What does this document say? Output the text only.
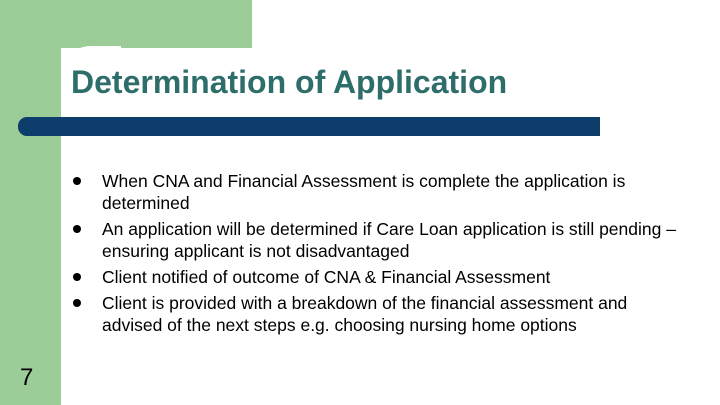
Determination of Application
When CNA and Financial Assessment is complete the application is determined
An application will be determined if Care Loan application is still pending – ensuring applicant is not disadvantaged
Client notified of outcome of CNA & Financial Assessment
Client is provided with a breakdown of the financial assessment and advised of the next steps e.g. choosing nursing home options
7
